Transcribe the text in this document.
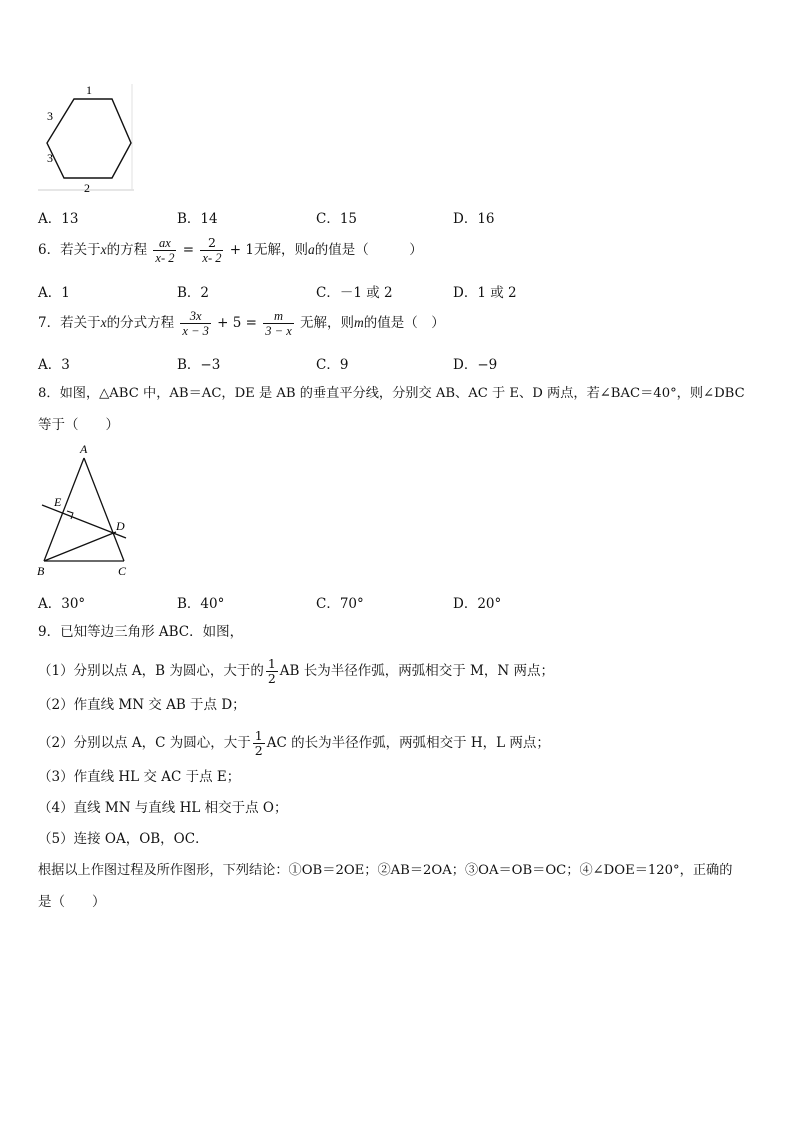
1
3
3
2
A．13	B．14	C．15	D．16
6．若关于x的方程 $\frac{ax}{x- 2} = \frac{2}{x- 2} + 1$无解，则a的值是（　　　）
A．1	B．2	C．－1 或 2	D．1 或 2
7．若关于x的分式方程 $\frac{3x}{x - 3} + 5 = \frac{m}{3 - x}$ 无解，则m的值是（　）
A．3	B．−3	C．9	D．−9
8．如图，△ABC 中，AB＝AC，DE 是 AB 的垂直平分线，分别交 AB、AC 于 E、D 两点，若∠BAC＝40°，则∠DBC
等于（　　）
A
E
D
B	C
A．30°	B．40°	C．70°	D．20°
9．已知等边三角形 ABC．如图，
（1）分别以点 A，B 为圆心，大于的 $\frac{1}{2}$ AB 长为半径作弧，两弧相交于 M，N 两点；
（2）作直线 MN 交 AB 于点 D；
（2）分别以点 A，C 为圆心，大于 $\frac{1}{2}$ AC 的长为半径作弧，两弧相交于 H，L 两点；
（3）作直线 HL 交 AC 于点 E；
（4）直线 MN 与直线 HL 相交于点 O；
（5）连接 OA，OB，OC．
根据以上作图过程及所作图形，下列结论：①OB＝2OE；②AB＝2OA；③OA＝OB＝OC；④∠DOE＝120°，正确的
是（　　）
